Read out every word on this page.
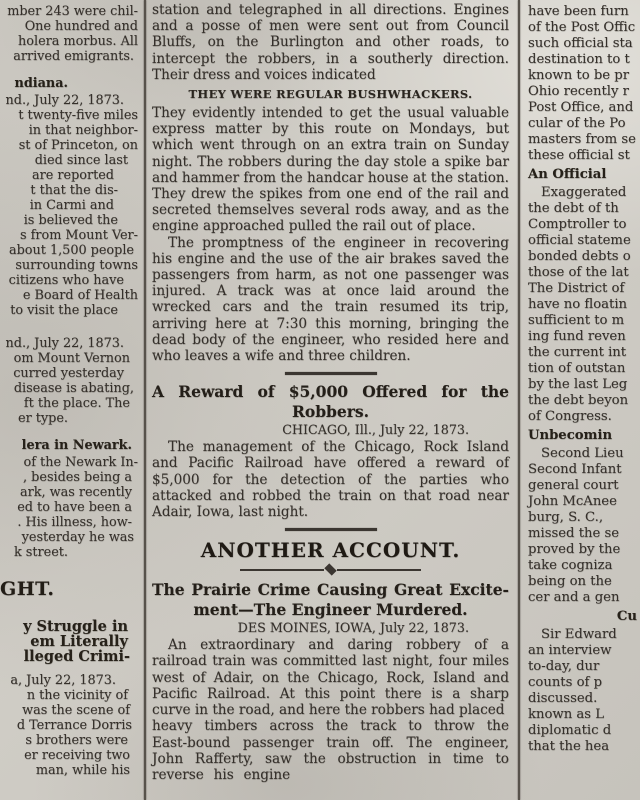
mber 243 were chil-
One hundred and
holera morbus. All
arrived emigrants.
ndiana.
nd., July 22, 1873.
t twenty-five miles
in that neighbor-
st of Princeton, on
died since last
are reported
t that the dis-
in Carmi and
is believed the
s from Mount Ver-
about 1,500 people
surrounding towns
citizens who have
e Board of Health
to visit the place
nd., July 22, 1873.
om Mount Vernon
curred yesterday
disease is abating,
ft the place. The
er type.
lera in Newark.
of the Newark In-
, besides being a
ark, was recently
ed to have been a
. His illness, how-
yesterday he was
k street.
GHT.
y Struggle in
em Literally
lleged Crimi-
a, July 22, 1873.
n the vicinity of
was the scene of
d Terrance Dorris
s brothers were
er receiving two
man, while his

station and telegraphed in all directions. Engines and a posse of men were sent out from Council Bluffs, on the Burlington and other roads, to intercept the robbers, in a southerly direction. Their dress and voices indicated

THEY WERE REGULAR BUSHWHACKERS.

They evidently intended to get the usual valuable express matter by this route on Mondays, but which went through on an extra train on Sunday night. The robbers during the day stole a spike bar and hammer from the handcar house at the station. They drew the spikes from one end of the rail and secreted themselves several rods away, and as the engine approached pulled the rail out of place.

The promptness of the engineer in recovering his engine and the use of the air brakes saved the passengers from harm, as not one passenger was injured. A track was at once laid around the wrecked cars and the train resumed its trip, arriving here at 7:30 this morning, bringing the dead body of the engineer, who resided here and who leaves a wife and three children.

A Reward of $5,000 Offered for the
Robbers.
CHICAGO, Ill., July 22, 1873.

The management of the Chicago, Rock Island and Pacific Railroad have offered a reward of $5,000 for the detection of the parties who attacked and robbed the train on that road near Adair, Iowa, last night.

ANOTHER ACCOUNT.
The Prairie Crime Causing Great Excite-
ment—The Engineer Murdered.
DES MOINES, IOWA, July 22, 1873.

An extraordinary and daring robbery of a railroad train was committed last night, four miles west of Adair, on the Chicago, Rock, Island and Pacific Railroad. At this point there is a sharp curve in the road, and here the robbers had placed

heavy timbers across the track to throw the East-bound passenger train off. The engineer, John Rafferty, saw the obstruction in time to reverse his engine

have been furn
of the Post Offic
such official sta
destination to t
known to be pr
Ohio recently r
Post Office, and
cular of the Po
masters from se
these official st
An Official
Exaggerated
the debt of th
Comptroller to
official stateme
bonded debts o
those of the lat
The District of
have no floatin
sufficient to m
ing fund reven
the current int
tion of outstan
by the last Leg
the debt beyon
of Congress.
Unbecomin
Second Lieu
Second Infant
general court
John McAnee
burg, S. C.,
missed the se
proved by the
take cogniza
being on the
cer and a gen
Cu
Sir Edward
an interview
to-day, dur
counts of p
discussed.
known as L
diplomatic d
that the hea
